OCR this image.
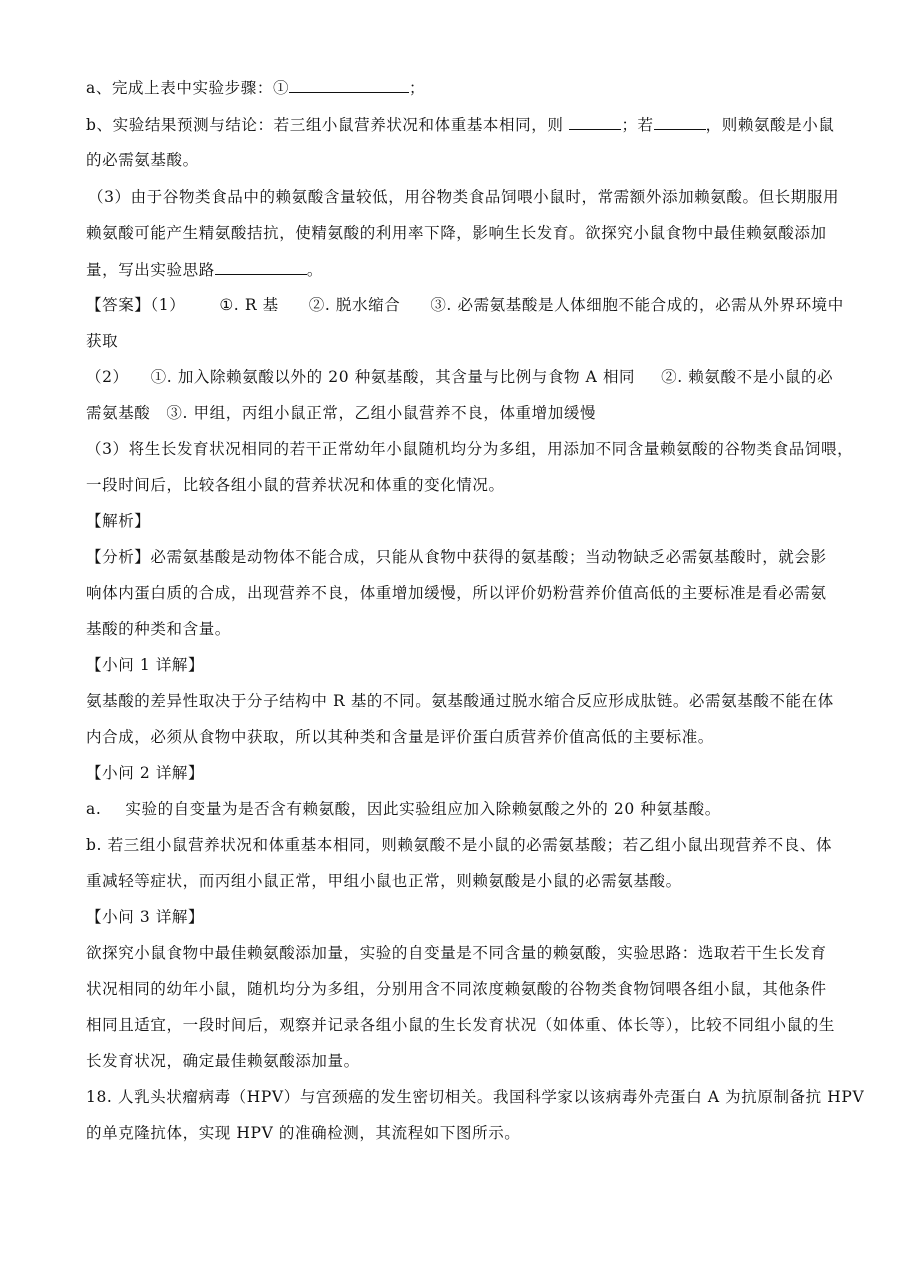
a、完成上表中实验步骤：①	；
b、实验结果预测与结论：若三组小鼠营养状况和体重基本相同，则	；若	，则赖氨酸是小鼠
的必需氨基酸。
（3）由于谷物类食品中的赖氨酸含量较低，用谷物类食品饲喂小鼠时，常需额外添加赖氨酸。但长期服用
赖氨酸可能产生精氨酸拮抗，使精氨酸的利用率下降，影响生长发育。欲探究小鼠食物中最佳赖氨酸添加
量，写出实验思路	。
【答案】（1） ①. R 基 ②. 脱水缩合 ③. 必需氨基酸是人体细胞不能合成的，必需从外界环境中
获取
（2） ①. 加入除赖氨酸以外的 20 种氨基酸，其含量与比例与食物 A 相同 ②. 赖氨酸不是小鼠的必
需氨基酸 ③. 甲组，丙组小鼠正常，乙组小鼠营养不良，体重增加缓慢
（3）将生长发育状况相同的若干正常幼年小鼠随机均分为多组，用添加不同含量赖氨酸的谷物类食品饲喂，
一段时间后，比较各组小鼠的营养状况和体重的变化情况。
【解析】
【分析】必需氨基酸是动物体不能合成，只能从食物中获得的氨基酸；当动物缺乏必需氨基酸时，就会影
响体内蛋白质的合成，出现营养不良，体重增加缓慢，所以评价奶粉营养价值高低的主要标准是看必需氨
基酸的种类和含量。
【小问 1 详解】
氨基酸的差异性取决于分子结构中 R 基的不同。氨基酸通过脱水缩合反应形成肽链。必需氨基酸不能在体
内合成，必须从食物中获取，所以其种类和含量是评价蛋白质营养价值高低的主要标准。
【小问 2 详解】
a. 实验的自变量为是否含有赖氨酸，因此实验组应加入除赖氨酸之外的 20 种氨基酸。
b. 若三组小鼠营养状况和体重基本相同，则赖氨酸不是小鼠的必需氨基酸；若乙组小鼠出现营养不良、体
重减轻等症状，而丙组小鼠正常，甲组小鼠也正常，则赖氨酸是小鼠的必需氨基酸。
【小问 3 详解】
欲探究小鼠食物中最佳赖氨酸添加量，实验的自变量是不同含量的赖氨酸，实验思路：选取若干生长发育
状况相同的幼年小鼠，随机均分为多组，分别用含不同浓度赖氨酸的谷物类食物饲喂各组小鼠，其他条件
相同且适宜，一段时间后，观察并记录各组小鼠的生长发育状况（如体重、体长等），比较不同组小鼠的生
长发育状况，确定最佳赖氨酸添加量。
18. 人乳头状瘤病毒（HPV）与宫颈癌的发生密切相关。我国科学家以该病毒外壳蛋白 A 为抗原制备抗 HPV
的单克隆抗体，实现 HPV 的准确检测，其流程如下图所示。
